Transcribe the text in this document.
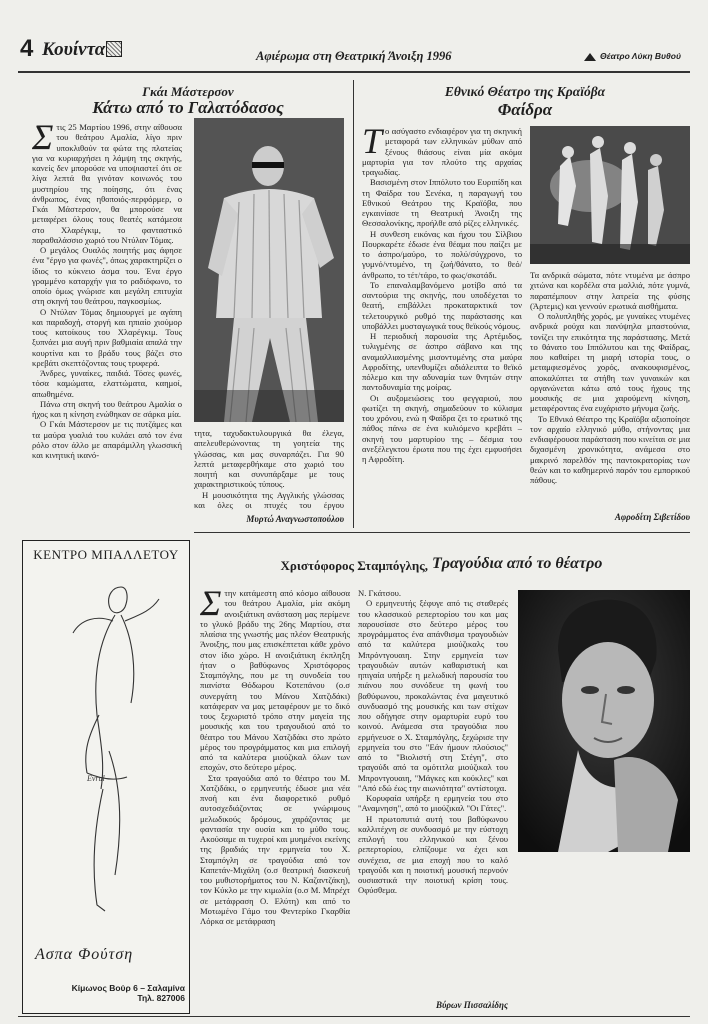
4 Κουίντα	Αφιέρωμα στη Θεατρική Άνοιξη 1996	Θέατρο Λύκη Βυθού
Γκάι Μάστερσον
Κάτω από το Γαλατόδασος
Σ τις 25 Μαρτίου 1996, στην αίθουσα του θεάτρου Αμαλία, λίγο πριν υποκλιθούν τα φώτα της πλατείας για να κυριαρχήσει η λάμψη της σκηνής, κανείς δεν μπορούσε να υποψιαστεί ότι σε λίγα λεπτά θα γινόταν κοινωνός του μυστηρίου της ποίησης, ότι ένας άνθρωπος, ένας ηθοποιός-περφόρμερ, ο Γκάι Μάστερσον, θα μπορούσε να μεταφέρει όλους τους θεατές κατάμεσα στο Χλαρέγκιμ, το φανταστικό παραθαλάσσιο χωριό του Ντύλαν Τόμας.

Ο μεγάλος Ουαλός ποιητής μας άφησε ένα "έργο για φωνές", όπως χαρακτηρίζει ο ίδιος το κύκνειο άσμα του. Ένα έργο γραμμένο καταρχήν για το ραδιόφωνο, το οποίο όμως γνώρισε και μεγάλη επιτυχία στη σκηνή του θεάτρου, παγκοσμίως.

Ο Ντύλαν Τόμας δημιουργεί με αγάπη και παραδοχή, στοργή και ηπιαίο χιούμορ τους κατοίκους του Χλαρέγκιμ. Τους ξυπνάει μια αυγή πριν βαθμιαία απαλά την κουρτίνα και το βράδυ τους βάζει στο κρεβάτι σκεπτόζοντας τους τρυφερά.

Άνδρες, γυναίκες, παιδιά. Τόσες φωνές, τόσα καμώματα, ελαττώματα, καημοί, απωθημένα.

Πάνω στη σκηνή του θεάτρου Αμαλία ο ήχος και η κίνηση ενώθηκαν σε σάρκα μία.

Ο Γκάι Μάστερσον με τις πυτζάμες και τα μαύρα γυαλιά του κυλάει από τον ένα ρόλο στον άλλο με απαράμιλλη γλωσσική και κινητική ικανό-

τητα, ταχυδακτυλουργικά θα έλεγα, απελευθερώνοντας τη γοητεία της γλώσσας, και μας συναρπάζει. Για 90 λεπτά μεταφερθήκαμε στο χωριό του ποιητή και συνυπάρξαμε με τους χαρακτηριστικούς τύπους.

Η μουσικότητα της Αγγλικής γλώσσας και όλες οι πτυχές του έργου

Μυρτώ Αναγνωστοπούλου
Εθνικό Θέατρο της Κραϊόβα
Φαίδρα
Τ ο ασύγαστο ενδιαφέρον για τη σκηνική μεταφορά των ελληνικών μύθων από ξένους θιάσους είναι μία ακόμα μαρτυρία για τον πλούτο της αρχαίας τραγωδίας.

Βασισμένη στον Ιππόλυτο του Ευριπίδη και τη Φαίδρα του Σενέκα, η παραγωγή του Εθνικού Θεάτρου της Κραϊόβα, που εγκαινίασε τη Θεατρική Άνοιξη της Θεσσαλονίκης, προήλθε από ρίζες ελληνικές.

Η συνθεση εικόνας και ήχου του Σίλβιου Πουρκαρέτε έδωσε ένα θέαμα που παίζει με το άσπρο/μαύρο, το πολύ/σύγχρονο, το γυμνό/ντυμένο, τη ζωή/θάνατο, το θεό/άνθρωπο, το τέτ/τάρο, το φως/σκοτάδι.

Το επαναλαμβανόμενο μοτίβο από τα σαντούρια της σκηνής, που υποδέχεται το θεατή, επιβάλλει προκαταρκτικά τον τελετουργικό ρυθμό της παράστασης και υποβάλλει μυσταγωγικά τους θεϊκούς νόμους.

Η περιοδική παρουσία της Αρτέμιδος, τυλιγμένης σε άσπρο σάβανο και της αναμαλλιασμένης μισοντυμένης στα μαύρα Αφροδίτης, υπενθυμίζει αδιάλειπτα το θεϊκό πόλεμο και την αδυναμία των θνητών στην παντοδυναμία της μοίρας.

Οι αυξομειώσεις του φεγγαριού, που φωτίζει τη σκηνή, σημαδεύουν το κύλισμα του χρόνου, ενώ η Φαίδρα ζει το ερωτικό της πάθος πάνω σε ένα κυλιόμενο κρεβάτι – σκηνή του μαρτυρίου της – δέσμια του ανεξέλεγκτου έρωτα που της έχει εμφυσήσει η Αφροδίτη.

Τα ανδρικά σώματα, πότε ντυμένα με άσπρο χιτώνα και κορδέλα στα μαλλιά, πότε γυμνά, παραπέμπουν στην λατρεία της φύσης (Άρτεμις) και γεννούν ερωτικά αισθήματα.

Ο πολυπληθής χορός, με γυναίκες ντυμένες ανδρικά ρούχα και πανύψηλα μπαστούνια, τονίζει την επικότητα της παράστασης. Μετά το θάνατο του Ιππόλυτου και της Φαίδρας, που καθαίρει τη μιαρή ιστορία τους, ο μεταμφιεσμένος χορός, ανακουφισμένος, αποκαλύπτει τα στήθη των γυναικών και οργανώνεται κάτω από τους ήχους της μουσικής σε μια χαρούμενη κίνηση, μεταφέροντας ένα ευχάριστο μήνυμα ζωής.

Το Εθνικό Θέατρο της Κραϊόβα αξιοποίησε τον αρχαίο ελληνικό μύθο, στήνοντας μια ενδιαφέρουσα παράσταση που κινείται σε μια διχασμένη χρονικότητα, ανάμεσα στο μακρινό παρελθόν της παντοκρατορίας των θεών και το καθημερινό παρόν του εμπορικού πάθους.

Αφροδίτη Σιβετίδου
ΚΕΝΤΡΟ ΜΠΑΛΛΕΤΟΥ
Evrul
Ασπα Φούτση
Κίμωνος Βούρ 6 – Σαλαμίνα
Τηλ. 827006
Χριστόφορος Σταμπόγλης, Τραγούδια από το θέατρο
Σ την κατάμεστη από κόσμο αίθουσα του θεάτρου Αμαλία, μία ακόμη ανοιξιάτικη ανάσταση μας περίμενε το γλυκό βράδυ της 26ης Μαρτίου, στα πλαίσια της γνωστής μας πλέον Θεατρικής Άνοιξης, που μας επισκέπτεται κάθε χρόνο στον ίδιο χώρο. Η ανοιξιάτικη έκπληξη ήταν ο βαθύφωνος Χριστόφορος Σταμπόγλης, που με τη συνοδεία του πιανίστα Θόδωρου Κοτεπάνου (ο.σ συνεργάτη του Μάνου Χατζιδάκι) κατάφεραν να μας μεταφέρουν με το δικό τους ξεχωριστό τρόπο στην μαγεία της μουσικής και του τραγουδιού από το θέατρο του Μάνου Χατζιδάκι στο πρώτο μέρος του προγράμματος και μια επιλογή από τα καλύτερα μιούζικαλ όλων των εποχών, στο δεύτερο μέρος.

Στα τραγούδια από το θέατρο του Μ. Χατζιδάκι, ο ερμηνευτής έδωσε μια νέα πνοή και ένα διαφορετικό ρυθμό αυτοσχεδιάζοντας σε γνώριμους μελωδικούς δρόμους, χαράζοντας με φαντασία την ουσία και το μύθο τους. Ακούσαμε αι τυχεροί και μυημένοι εκείνης της βραδιάς την ερμηνεία του Χ. Σταμπόγλη σε τραγούδια από τον Καπετάν-Μιχάλη (ο.σ θεατρική διασκευή του μυθιστορήματος του Ν. Καζαντζάκη), τον Κύκλο με την κιμωλία (ο.σ Μ. Μπρέχτ σε μετάφραση Ο. Ελύτη) και από το Μοτωμένο Γάμο του Φεντερίκο Γκαρθία Λόρκα σε μετάφραση

Ν. Γκάτσου.

Ο ερμηνευτής ξέφυγε από τις σταθερές του κλασσικού ρεπερτορίου του και μας παρουσίασε στο δεύτερο μέρος του προγράμματος ένα απάνθισμα τραγουδιών από τα καλύτερα μιούζικαλς του Μπρόντγουαιη. Στην ερμηνεία των τραγουδιών αυτών καθαριστική και ηπιγαία υπήρξε η μελωδική παρουσία του πιάνου που συνόδευε τη φωνή του βαθύφωνου, προκαλώντας ένα μαγευτικό συνδυασμό της μουσικής και των στίχων που οδήγησε στην ομαρτυρία ευρύ του κοινού. Ανάμεσα στα τραγούδια που ερμήνευσε ο Χ. Σταμπόγλης, ξεχώρισε την ερμηνεία του στο "Εάν ήμουν πλούσιος" από το "Βιολιστή στη Στέγη", στο τραγούδι από τα ομότιτλα μιούζικαλ του Μπροντγουαιη, "Μάγκες και κούκλες" και "Από εδώ έως την αιωνιότητα" αντίστοιχα.

Κορυφαία υπήρξε η ερμηνεία του στο "Αναμνηση", από το μιούζικαλ "Οι Γάτες".

Η πρωτοπυτιά αυτή του βαθύφωνου καλλιτέχνη σε συνδυασμό με την εύστοχη επιλογή του ελληνικού και ξένου ρεπερτορίου, ελπίζουμε να έχει και συνέχεια, σε μια εποχή που το καλό τραγούδι και η ποιοτική μουσική περνούν ουσιαστικά την ποιοτική κρίση τους. Οφύσθεμα.

Βύρων Πισσαλίδης
